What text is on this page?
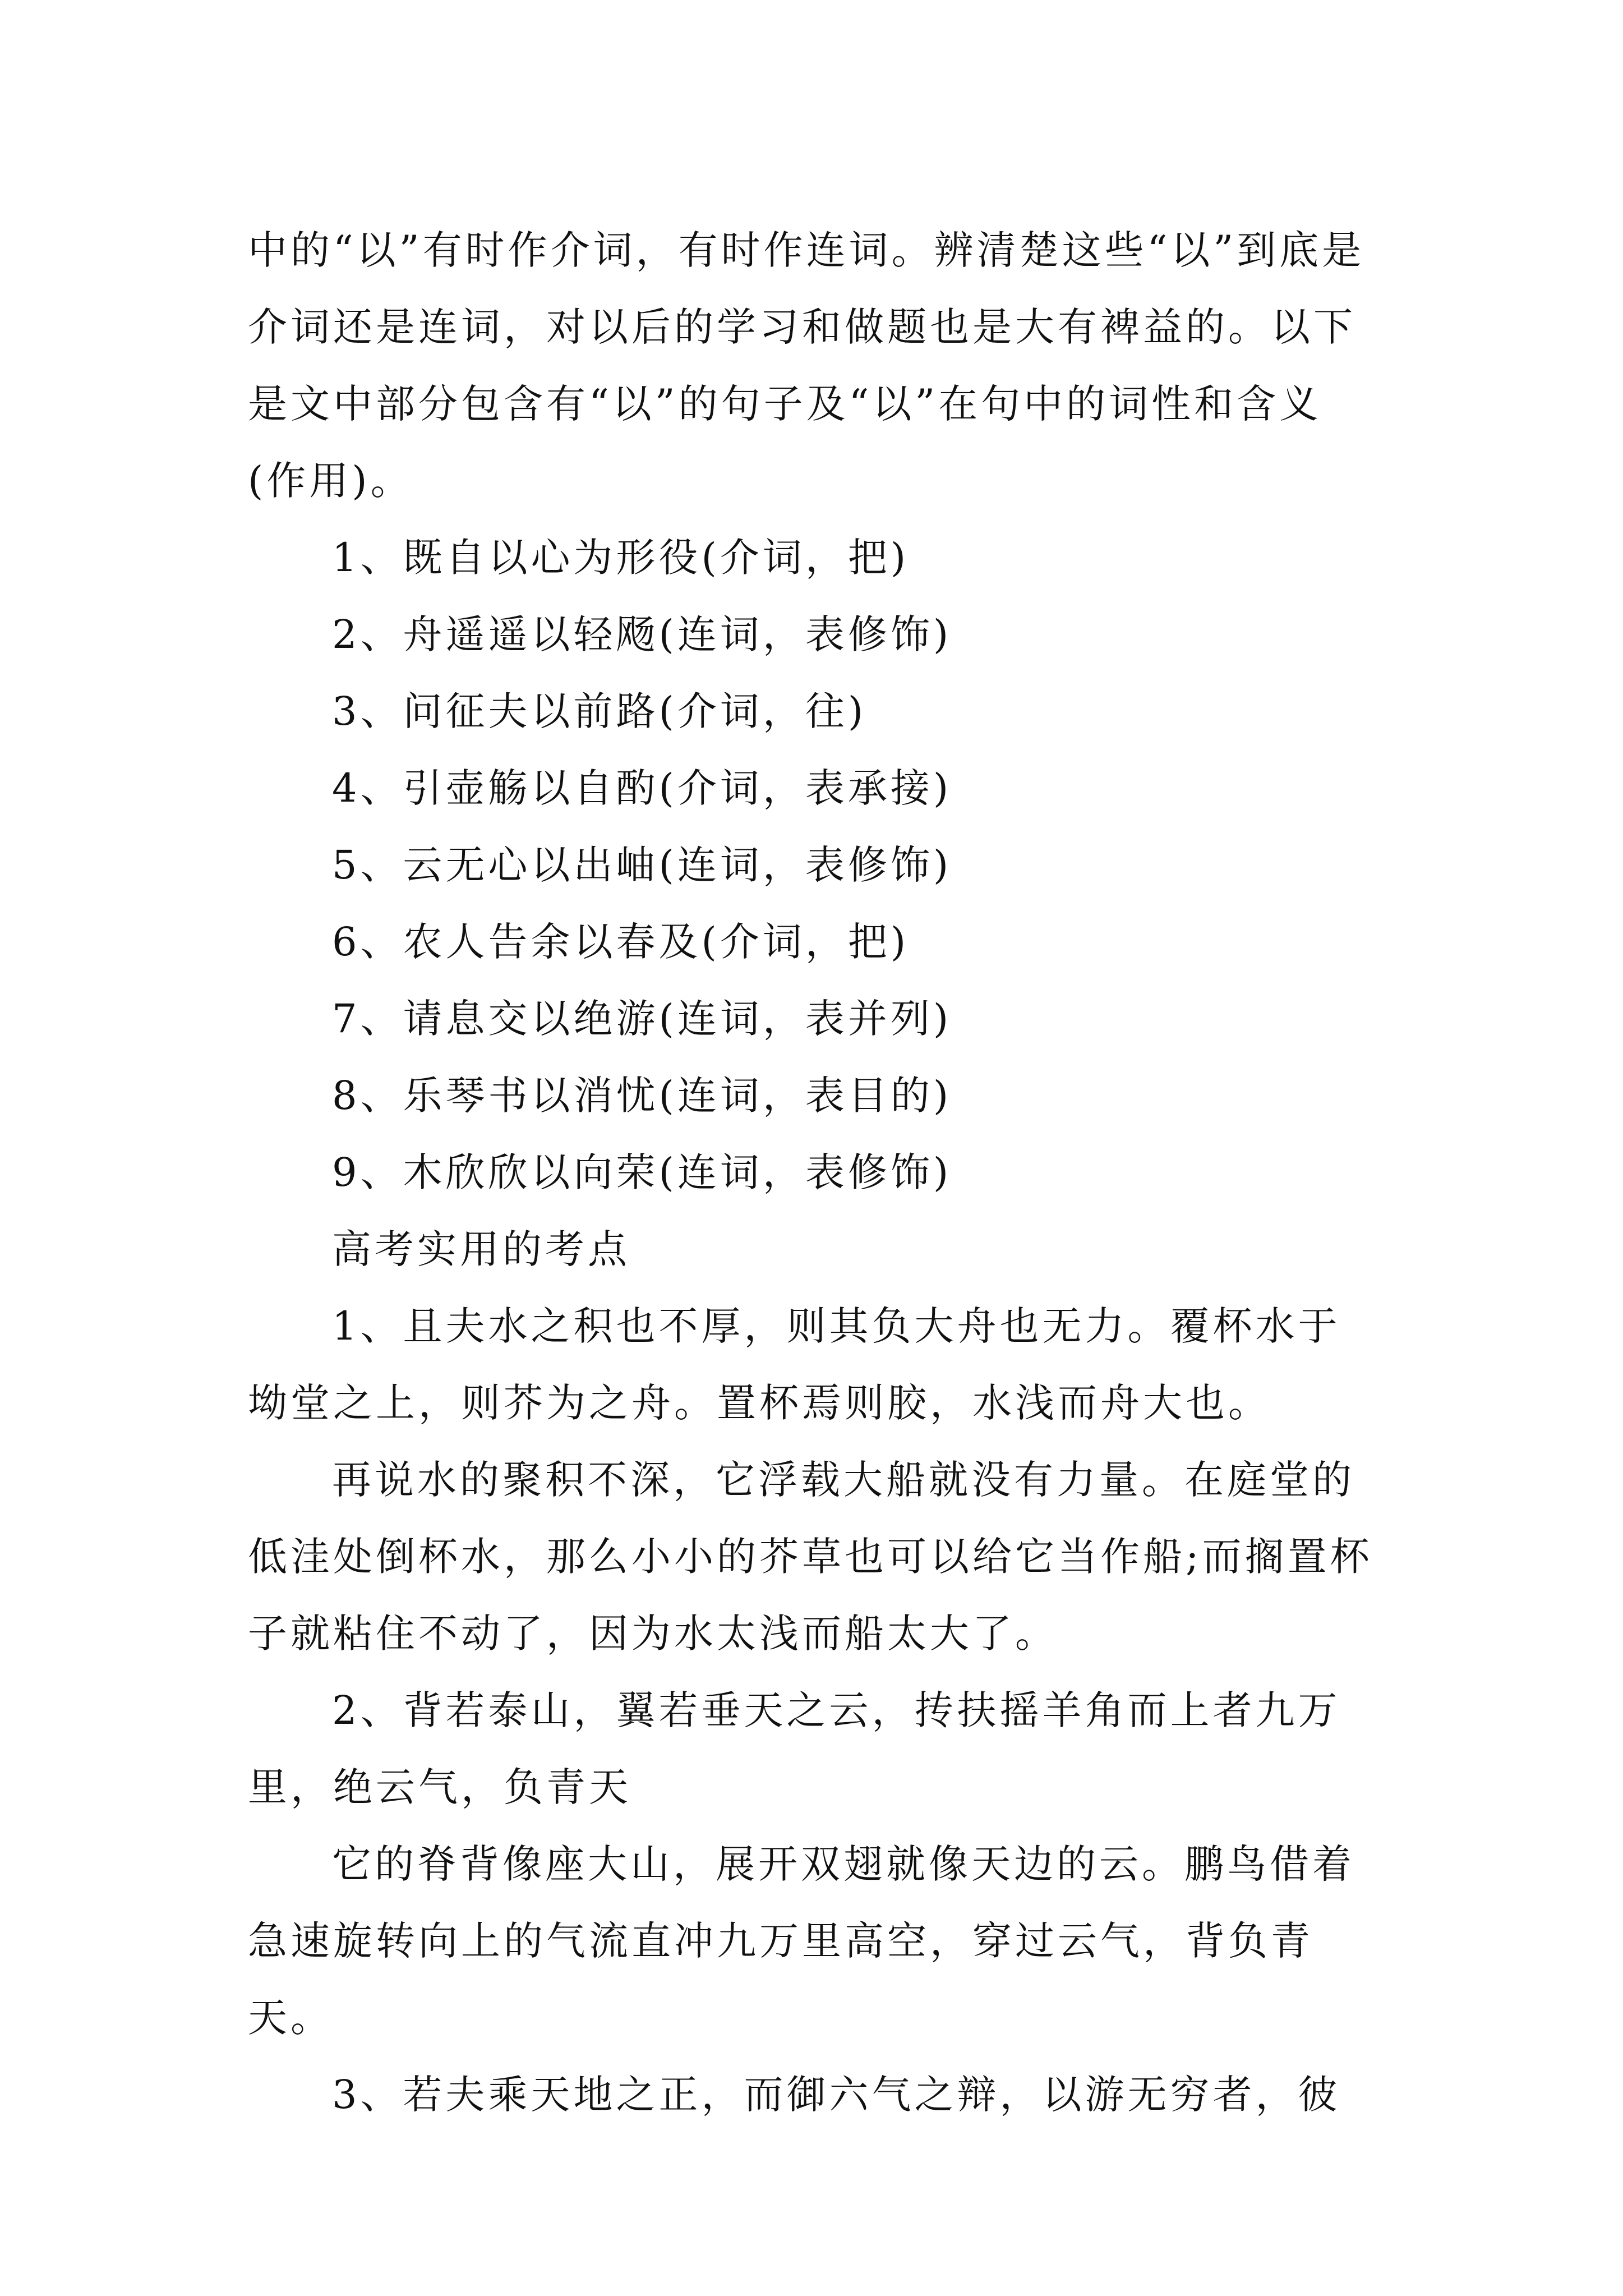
中的“以”有时作介词，有时作连词。辨清楚这些“以”到底是介词还是连词，对以后的学习和做题也是大有裨益的。以下是文中部分包含有“以”的句子及“以”在句中的词性和含义(作用)。

1、既自以心为形役(介词，把)

2、舟遥遥以轻飏(连词，表修饰)

3、问征夫以前路(介词，往)

4、引壶觞以自酌(介词，表承接)

5、云无心以出岫(连词，表修饰)

6、农人告余以春及(介词，把)

7、请息交以绝游(连词，表并列)

8、乐琴书以消忧(连词，表目的)

9、木欣欣以向荣(连词，表修饰)

高考实用的考点

1、且夫水之积也不厚，则其负大舟也无力。覆杯水于坳堂之上，则芥为之舟。置杯焉则胶，水浅而舟大也。

再说水的聚积不深，它浮载大船就没有力量。在庭堂的低洼处倒杯水，那么小小的芥草也可以给它当作船;而搁置杯子就粘住不动了，因为水太浅而船太大了。

2、背若泰山，翼若垂天之云，抟扶摇羊角而上者九万里，绝云气，负青天

它的脊背像座大山，展开双翅就像天边的云。鹏鸟借着急速旋转向上的气流直冲九万里高空，穿过云气，背负青天。

3、若夫乘天地之正，而御六气之辩，以游无穷者，彼
